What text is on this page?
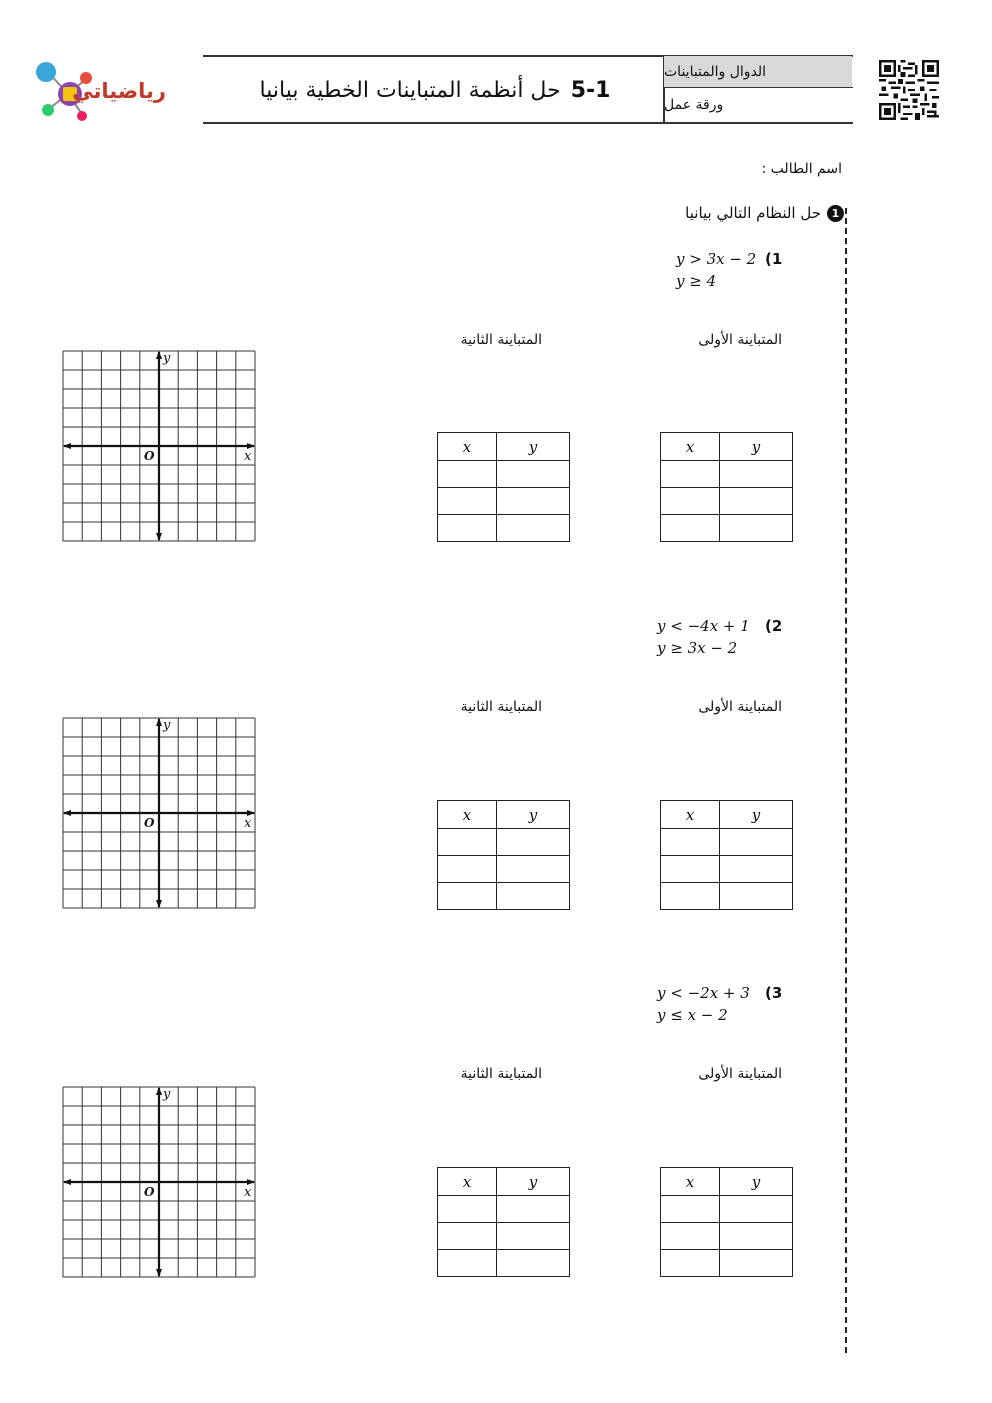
5-1
حل أنظمة المتباينات الخطية بيانيا
الدوال والمتباينات
ورقة عمل
رياضياتي
اسم الطالب :
1
حل النظام التالي بيانيا
(1
y > 3x − 2
y ≥ 4
المتباينة الأولى
المتباينة الثانية
x	y

x	y

x
y
O
(2
y < −4x + 1
y ≥ 3x − 2
المتباينة الأولى
المتباينة الثانية
x	y

x	y

x
y
O
(3
y < −2x + 3
y ≤ x − 2
المتباينة الأولى
المتباينة الثانية
x	y

x	y

x
y
O
